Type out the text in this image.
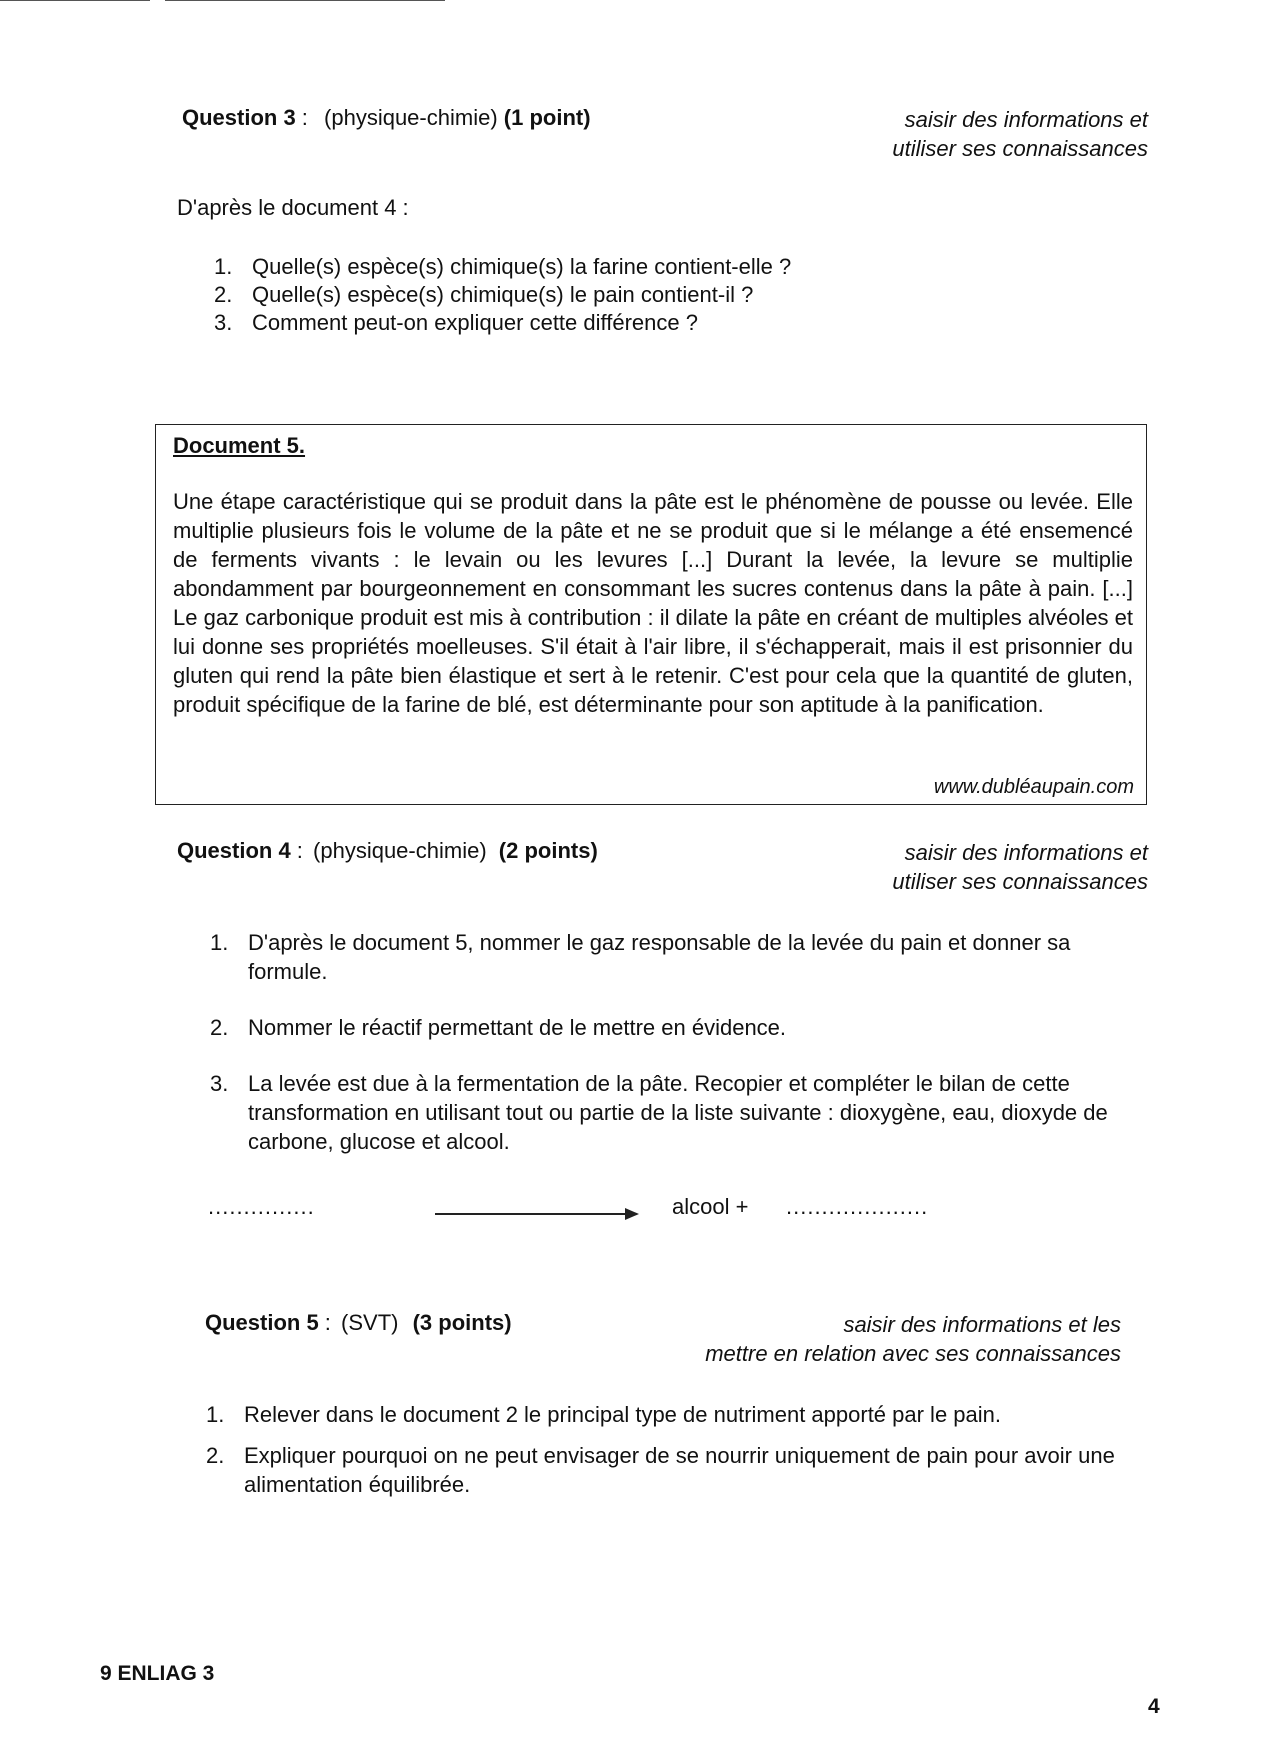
Question 3 : (physique-chimie) (1 point)	saisir des informations et
utiliser ses connaissances
D'après le document 4 :
1. Quelle(s) espèce(s) chimique(s) la farine contient-elle ?
2. Quelle(s) espèce(s) chimique(s) le pain contient-il ?
3. Comment peut-on expliquer cette différence ?
Document 5.
Une étape caractéristique qui se produit dans la pâte est le phénomène de pousse ou levée. Elle multiplie plusieurs fois le volume de la pâte et ne se produit que si le mélange a été ensemencé de ferments vivants : le levain ou les levures [...] Durant la levée, la levure se multiplie abondamment par bourgeonnement en consommant les sucres contenus dans la pâte à pain. [...] Le gaz carbonique produit est mis à contribution : il dilate la pâte en créant de multiples alvéoles et lui donne ses propriétés moelleuses. S'il était à l'air libre, il s'échapperait, mais il est prisonnier du gluten qui rend la pâte bien élastique et sert à le retenir. C'est pour cela que la quantité de gluten, produit spécifique de la farine de blé, est déterminante pour son aptitude à la panification.
www.dubléaupain.com
Question 4 : (physique-chimie) (2 points)	saisir des informations et
utiliser ses connaissances
1. D'après le document 5, nommer le gaz responsable de la levée du pain et donner sa formule.
2. Nommer le réactif permettant de le mettre en évidence.
3. La levée est due à la fermentation de la pâte. Recopier et compléter le bilan de cette transformation en utilisant tout ou partie de la liste suivante : dioxygène, eau, dioxyde de carbone, glucose et alcool.
...............	alcool + ....................
Question 5 : (SVT) (3 points)	saisir des informations et les
mettre en relation avec ses connaissances
1. Relever dans le document 2 le principal type de nutriment apporté par le pain.
2. Expliquer pourquoi on ne peut envisager de se nourrir uniquement de pain pour avoir une alimentation équilibrée.
9 ENLIAG 3
4
